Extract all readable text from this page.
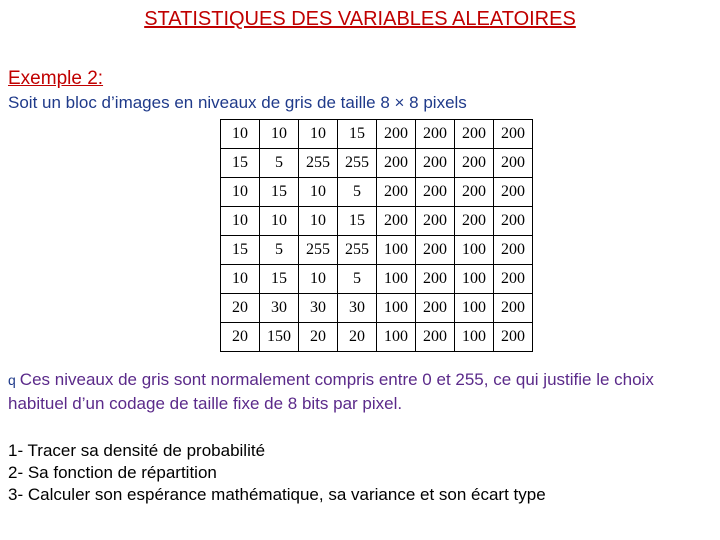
STATISTIQUES DES VARIABLES ALEATOIRES
Exemple 2:
Soit un bloc d’images en niveaux de gris de taille 8 × 8 pixels
10	10	10	15	200	200	200	200
15	5	255	255	200	200	200	200
10	15	10	5	200	200	200	200
10	10	10	15	200	200	200	200
15	5	255	255	100	200	100	200
10	15	10	5	100	200	100	200
20	30	30	30	100	200	100	200
20	150	20	20	100	200	100	200
q Ces niveaux de gris sont normalement compris entre 0 et 255, ce qui justifie le choix habituel d’un codage de taille fixe de 8 bits par pixel.
1- Tracer sa densité de probabilité
2- Sa fonction de répartition
3- Calculer son espérance mathématique, sa variance et son écart type
